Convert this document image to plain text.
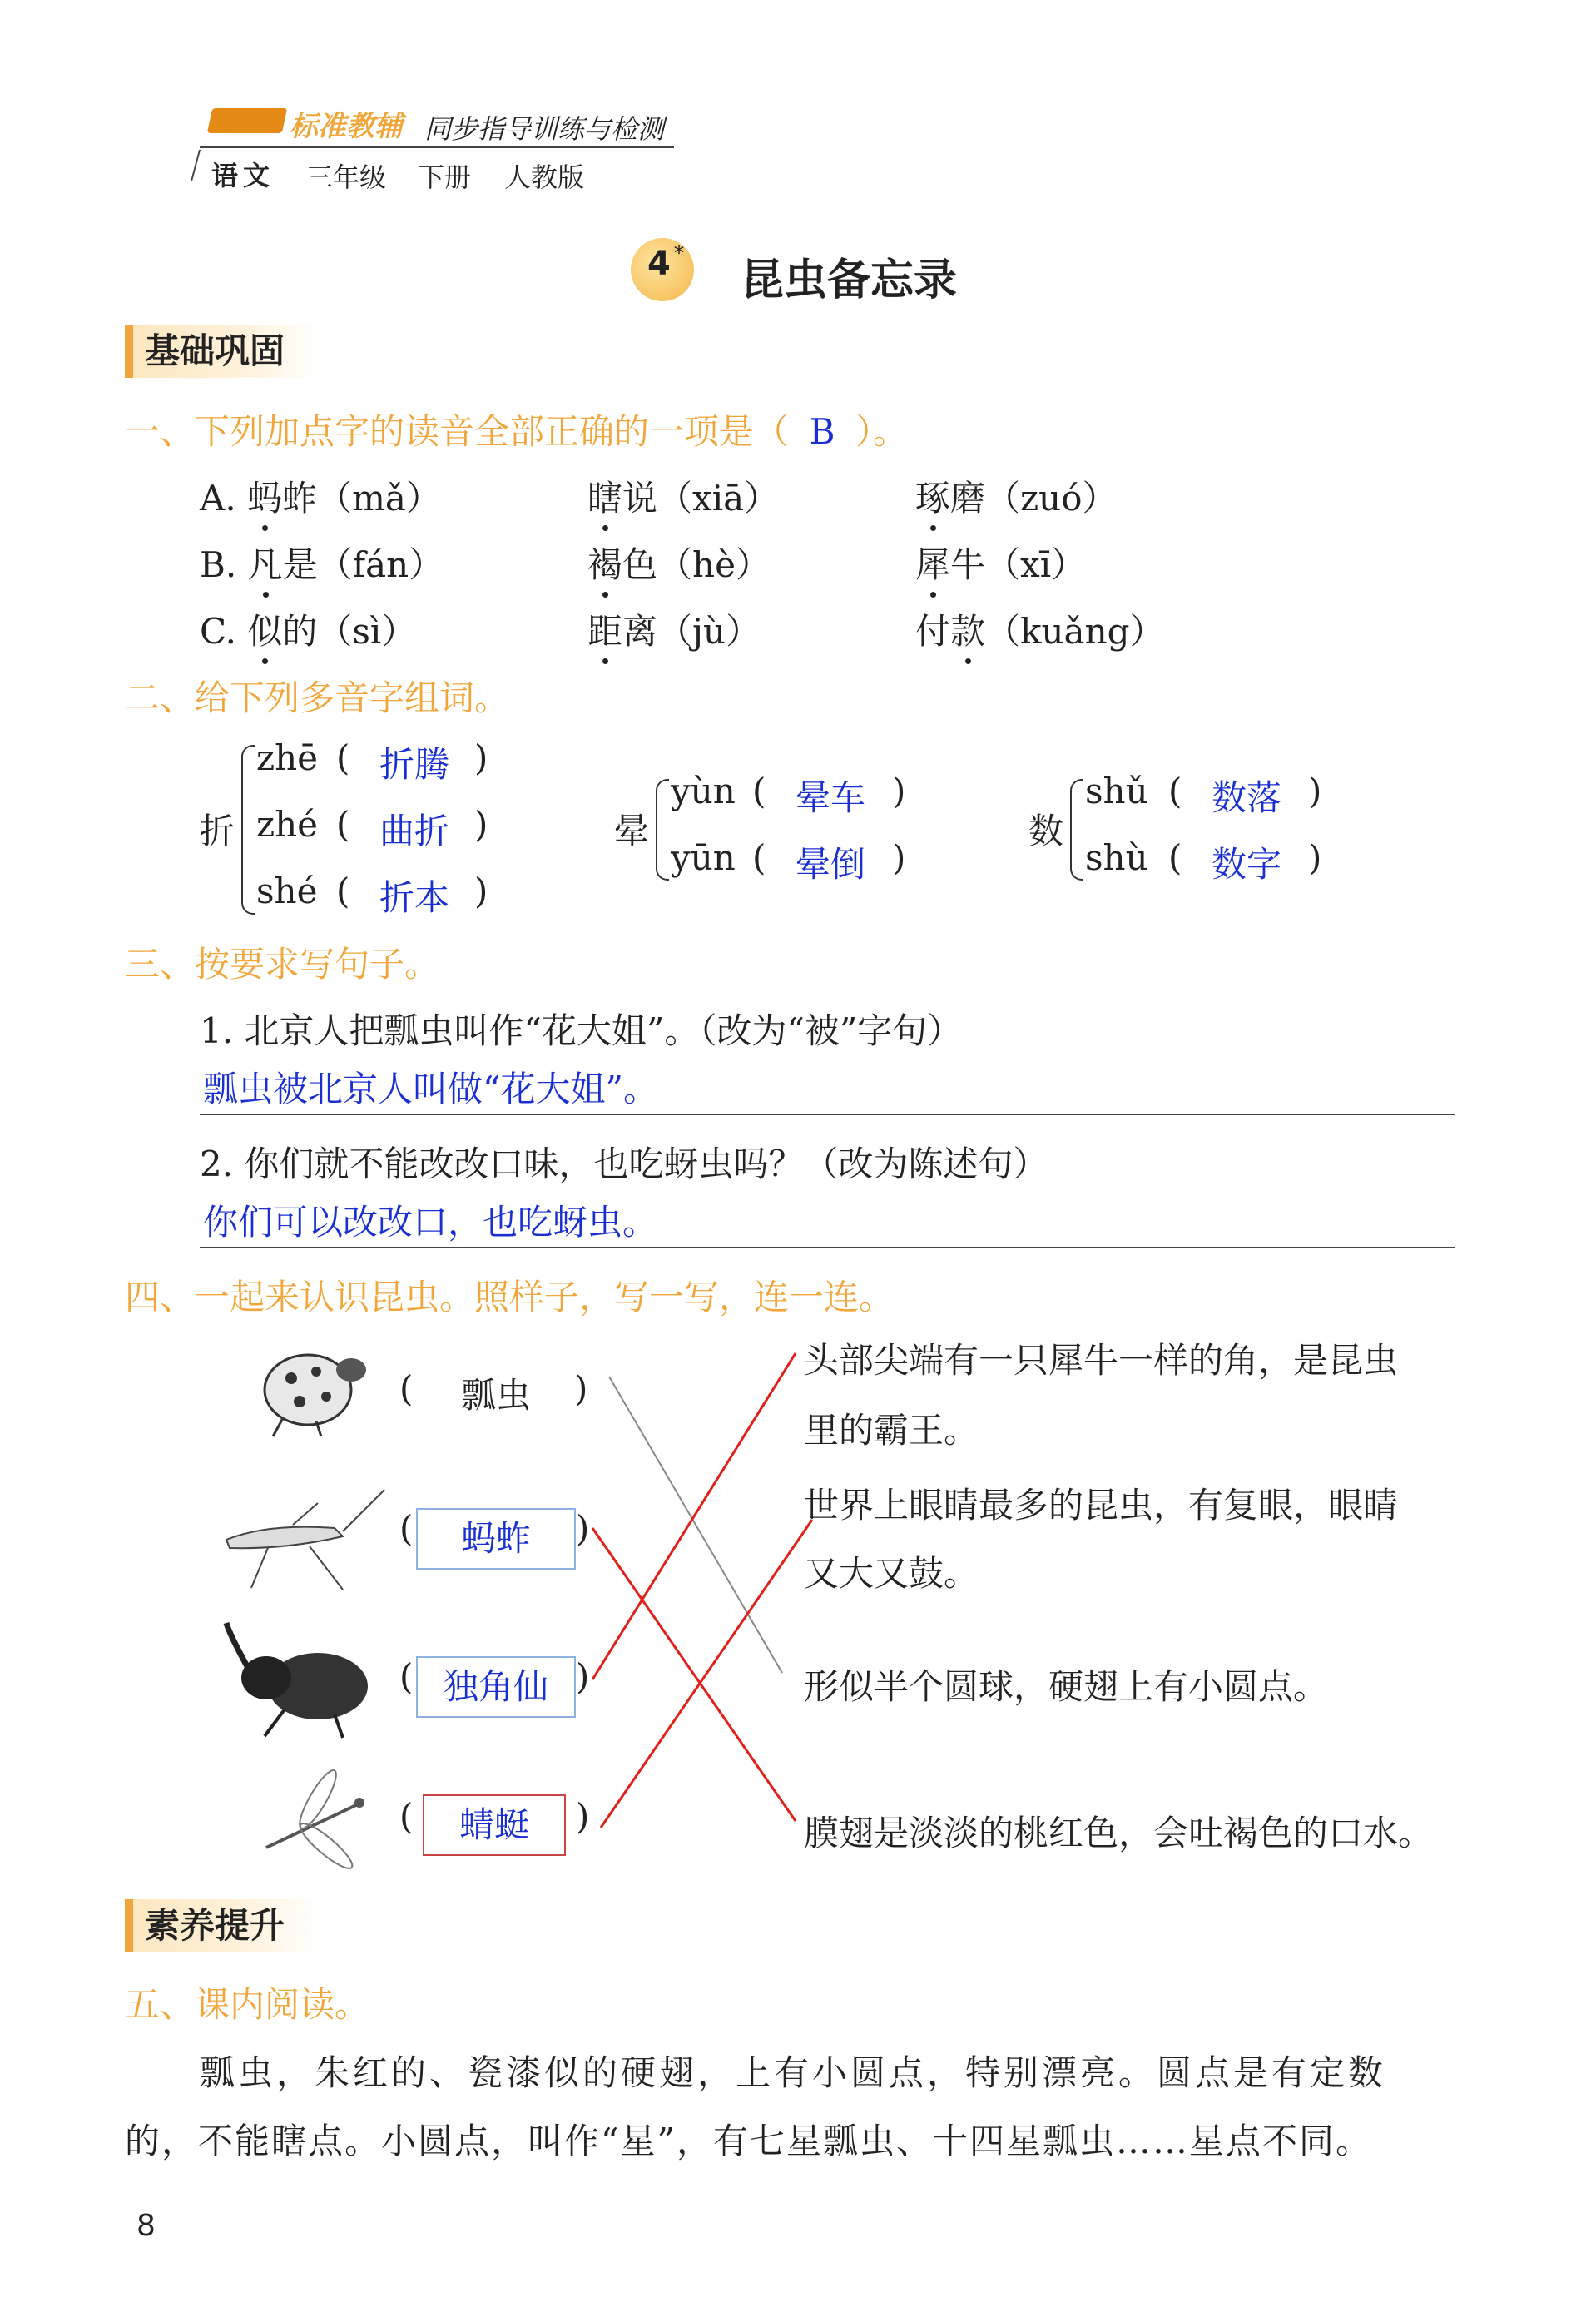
标准教辅 同步指导训练与检测
语文 三年级 下册 人教版
4 *
昆虫备忘录
基础巩固
一、下列加点字的读音全部正确的一项是（ B ）。
A. 蚂蚱（mǎ）	瞎说（xiā）	琢磨（zuó）
B. 凡是（fán）	褐色（hè）	犀牛（xī）
C. 似的（sì）	距离（jù）	付款（kuǎng）
二、给下列多音字组词。
折
zhē ( 折腾 )
zhé ( 曲折 )
shé ( 折本 )
晕
yùn ( 晕车 )
yūn ( 晕倒 )
数
shǔ ( 数落 )
shù ( 数字 )
三、按要求写句子。
1. 北京人把瓢虫叫作“花大姐”。（改为“被”字句）
瓢虫被北京人叫做“花大姐”。
2. 你们就不能改改口味，也吃蚜虫吗？（改为陈述句）
你们可以改改口，也吃蚜虫。
四、一起来认识昆虫。照样子，写一写，连一连。
( 瓢虫 )
(	蚂蚱	)
( 独角仙 )
(	蜻蜓	)
头部尖端有一只犀牛一样的角，是昆虫
里的霸王。
世界上眼睛最多的昆虫，有复眼，眼睛
又大又鼓。
形似半个圆球，硬翅上有小圆点。
膜翅是淡淡的桃红色，会吐褐色的口水。
素养提升
五、课内阅读。
瓢虫，朱红的、瓷漆似的硬翅，上有小圆点，特别漂亮。圆点是有定数
的，不能瞎点。小圆点，叫作“星”，有七星瓢虫、十四星瓢虫……星点不同。
8
